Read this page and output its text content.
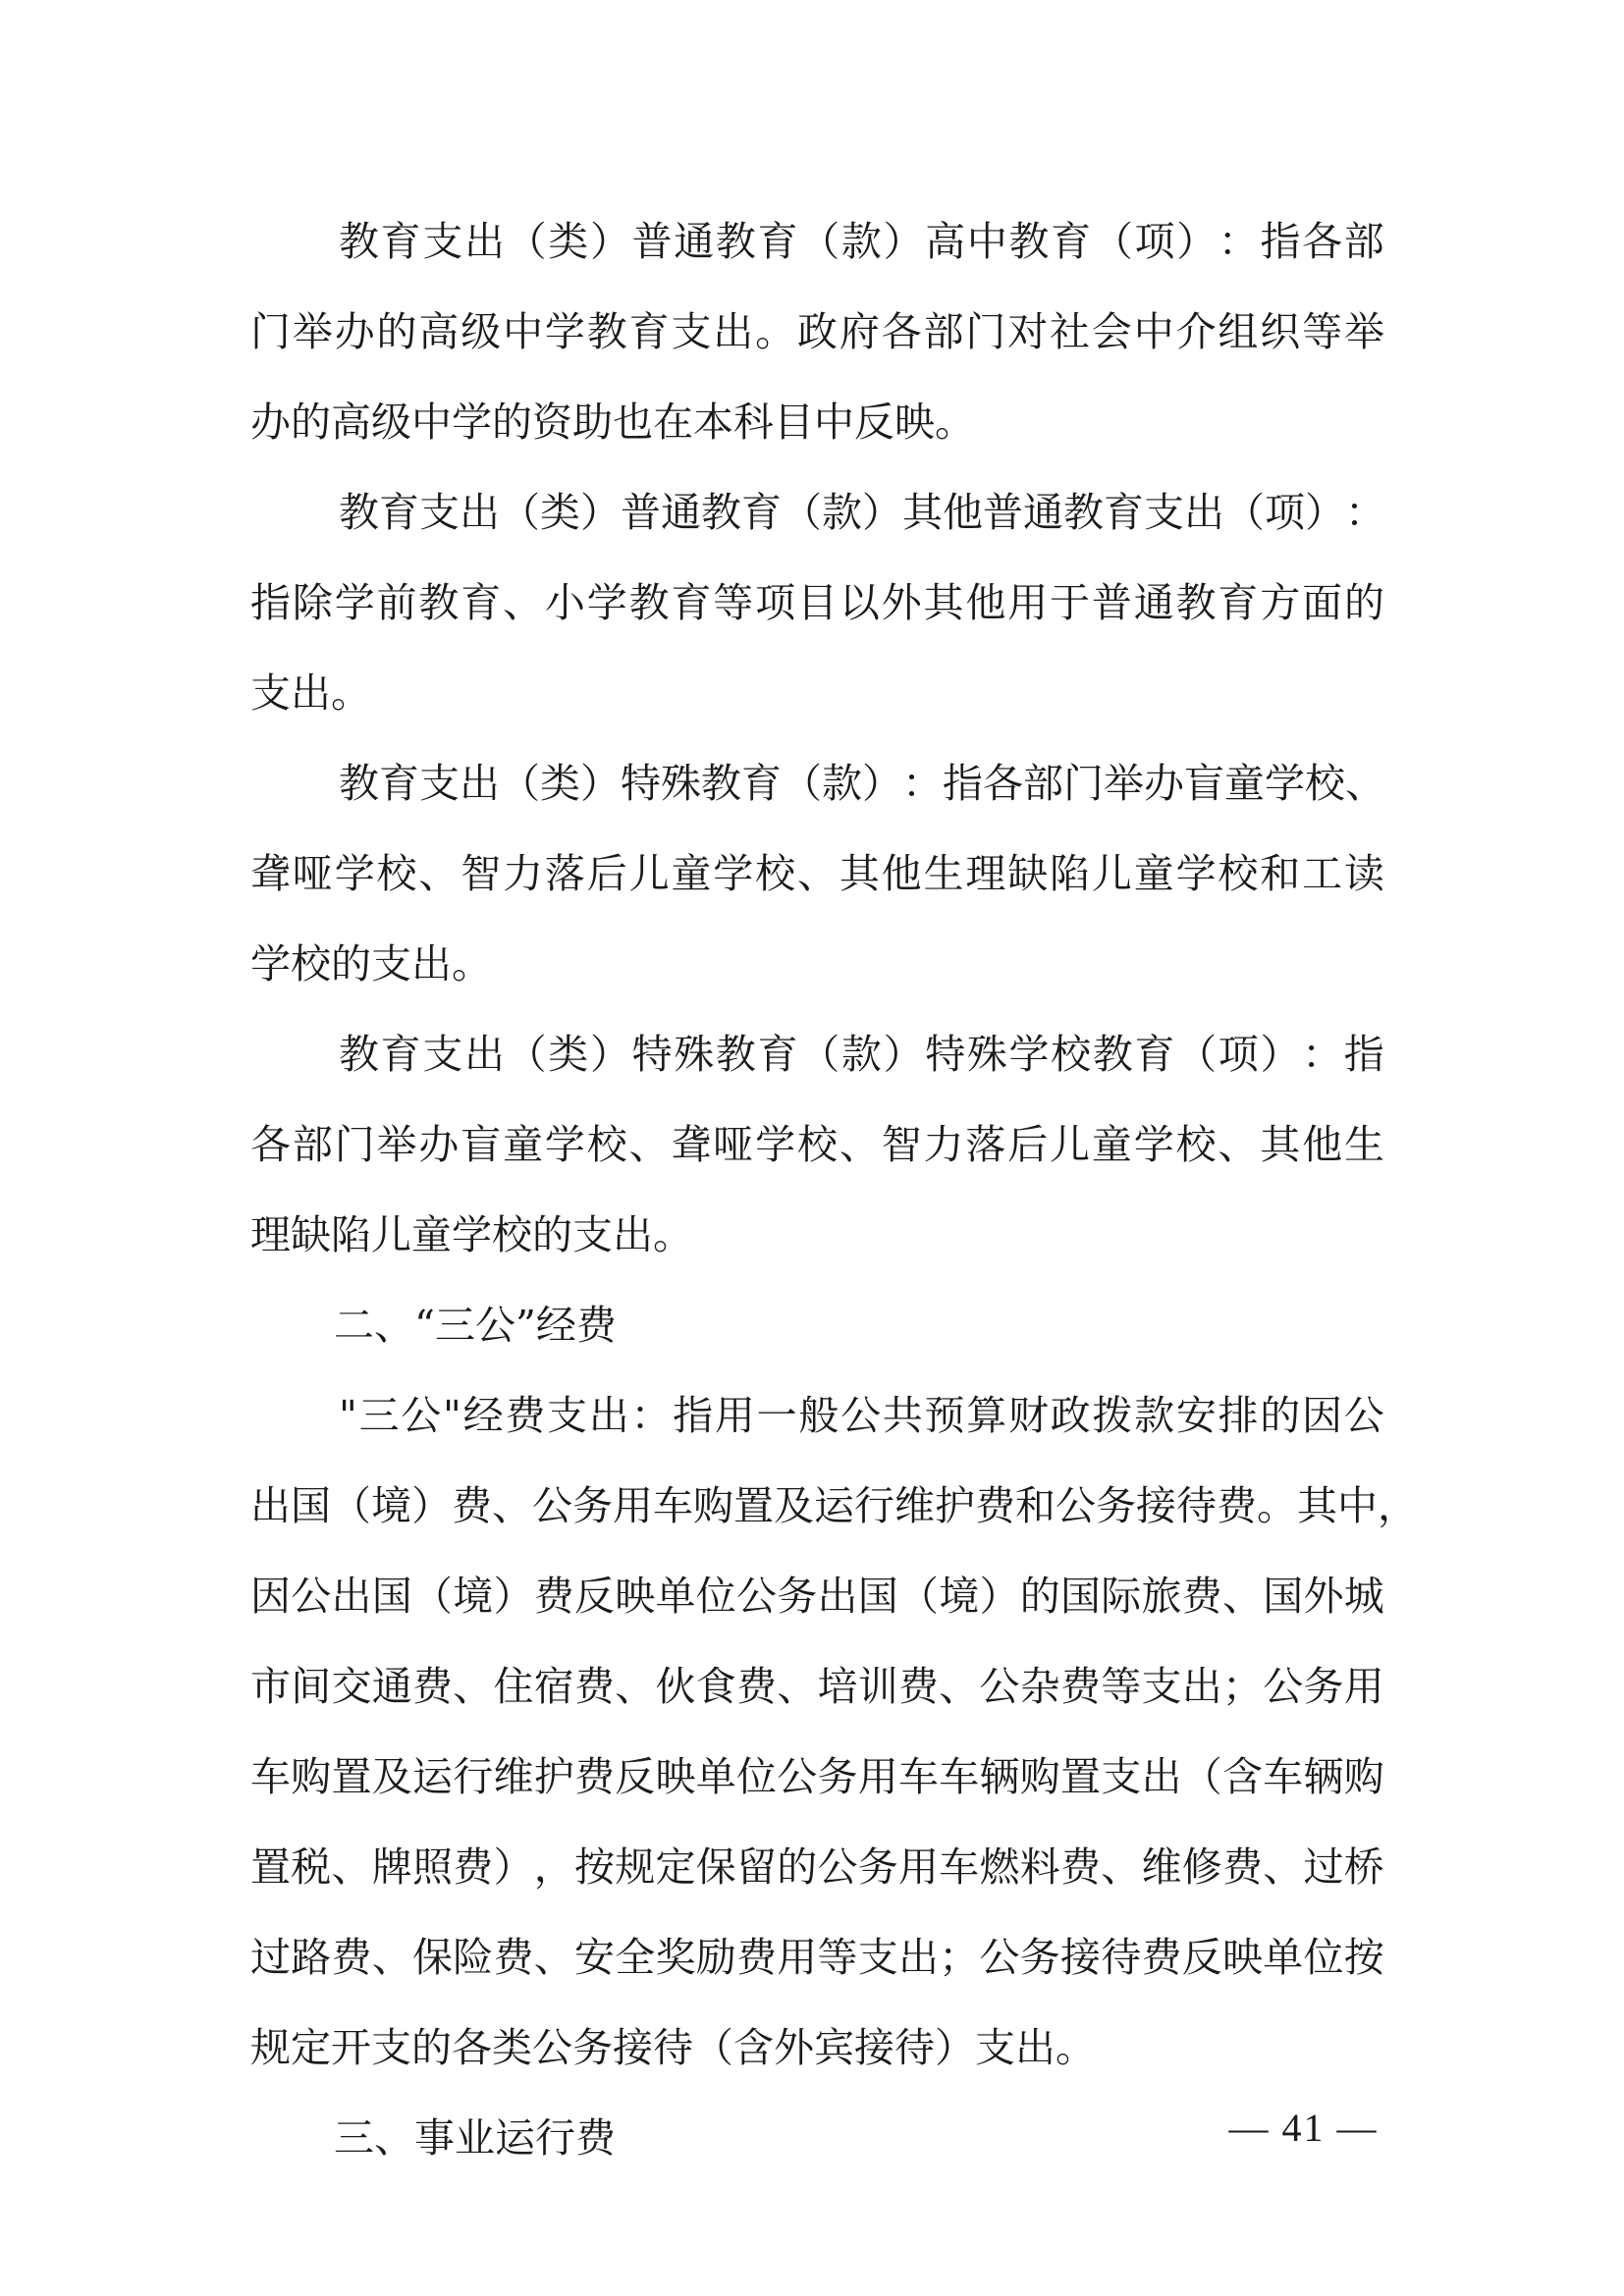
教 育 支 出 （ 类 ） 普 通 教 育 （ 款 ） 高 中 教 育 （ 项 ） ： 指 各 部
门 举 办 的 高 级 中 学 教 育 支 出 。 政 府 各 部 门 对 社 会 中 介 组 织 等 举
办的高级中学的资助也在本科目中反映。
教 育 支 出 （ 类 ） 普 通 教 育 （ 款 ） 其 他 普 通 教 育 支 出 （ 项 ） ：
指 除 学 前 教 育 、 小 学 教 育 等 项 目 以 外 其 他 用 于 普 通 教 育 方 面 的
支出。
教 育 支 出 （ 类 ） 特 殊 教 育 （ 款 ） ： 指 各 部 门 举 办 盲 童 学 校 、
聋 哑 学 校 、 智 力 落 后 儿 童 学 校 、 其 他 生 理 缺 陷 儿 童 学 校 和 工 读
学校的支出。
教 育 支 出 （ 类 ） 特 殊 教 育 （ 款 ） 特 殊 学 校 教 育 （ 项 ） ： 指
各 部 门 举 办 盲 童 学 校 、 聋 哑 学 校 、 智 力 落 后 儿 童 学 校 、 其 他 生
理缺陷儿童学校的支出。
二、“三公”经费
" 三 公 " 经 费 支 出 ： 指 用 一 般 公 共 预 算 财 政 拨 款 安 排 的 因 公
出 国 （ 境 ） 费 、 公 务 用 车 购 置 及 运 行 维 护 费 和 公 务 接 待 费 。 其 中 ，
因 公 出 国 （ 境 ） 费 反 映 单 位 公 务 出 国 （ 境 ） 的 国 际 旅 费 、 国 外 城
市 间 交 通 费 、 住 宿 费 、 伙 食 费 、 培 训 费 、 公 杂 费 等 支 出 ； 公 务 用
车 购 置 及 运 行 维 护 费 反 映 单 位 公 务 用 车 车 辆 购 置 支 出 （ 含 车 辆 购
置 税 、 牌 照 费 ） ， 按 规 定 保 留 的 公 务 用 车 燃 料 费 、 维 修 费 、 过 桥
过 路 费 、 保 险 费 、 安 全 奖 励 费 用 等 支 出 ； 公 务 接 待 费 反 映 单 位 按
规定开支的各类公务接待（含外宾接待）支出。
三、事业运行费	— 41 —
